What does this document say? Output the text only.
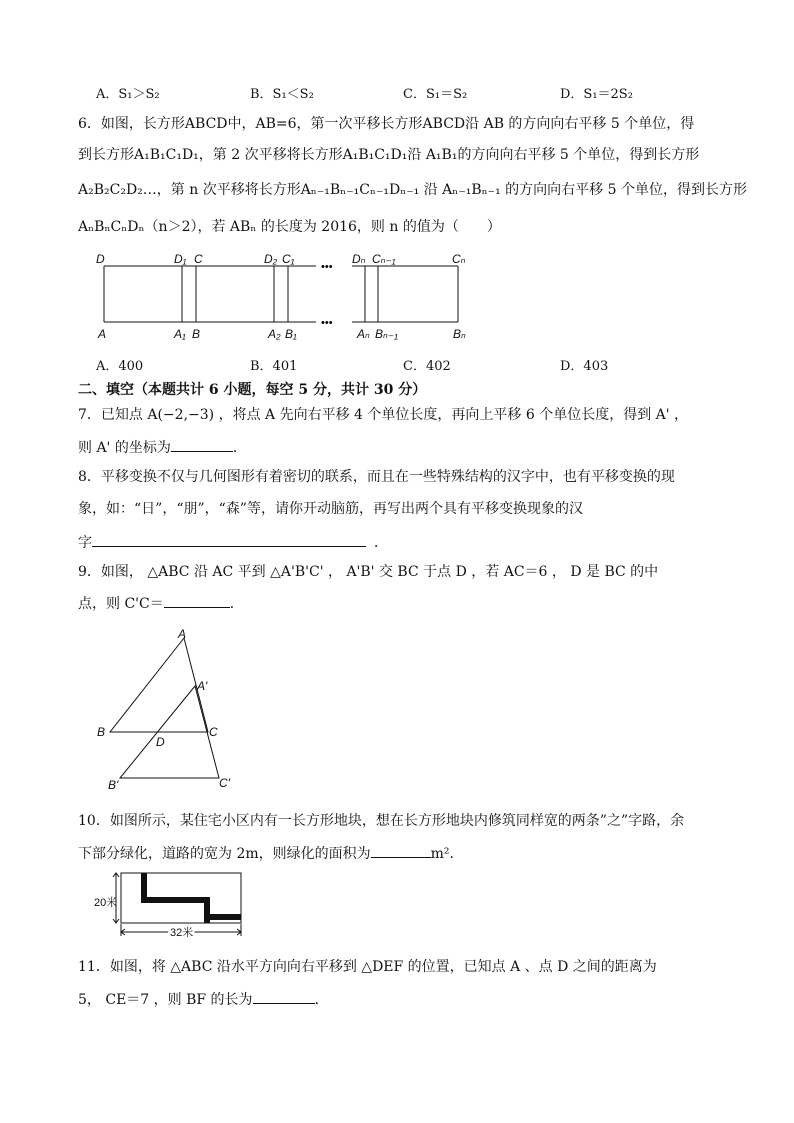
A．S₁＞S₂	B．S₁＜S₂	C．S₁＝S₂	D．S₁＝2S₂
6．如图，长方形ABCD中，AB=6，第一次平移长方形ABCD沿 AB 的方向向右平移 5 个单位，得
到长方形A₁B₁C₁D₁，第 2 次平移将长方形A₁B₁C₁D₁沿 A₁B₁的方向向右平移 5 个单位，得到长方形
A₂B₂C₂D₂…，第 n 次平移将长方形Aₙ₋₁Bₙ₋₁Cₙ₋₁Dₙ₋₁ 沿 Aₙ₋₁Bₙ₋₁ 的方向向右平移 5 个单位，得到长方形
AₙBₙCₙDₙ（n＞2），若 ABₙ 的长度为 2016，则 n 的值为（　　）
•••
•••
D	D₁ C	D₂ C₁	Dₙ Cₙ₋₁	Cₙ
A	A₁ B	A₂ B₁	Aₙ Bₙ₋₁	Bₙ
A．400	B．401	C．402	D．403
二、填空（本题共计 6 小题，每空 5 分，共计 30 分）
7．已知点 A(−2,−3) ，将点 A 先向右平移 4 个单位长度，再向上平移 6 个单位长度，得到 A' ，
则 A' 的坐标为	．
8．平移变换不仅与几何图形有着密切的联系，而且在一些特殊结构的汉字中，也有平移变换的现
象，如：“日”，“朋”，“森”等，请你开动脑筋，再写出两个具有平移变换现象的汉
字	．
9．如图， △ABC 沿 AC 平到 △A'B'C' ， A'B' 交 BC 于点 D ，若 AC＝6 ， D 是 BC 的中
点，则 C'C＝	．
A
A'
B	C
D
B'	C'
10．如图所示，某住宅小区内有一长方形地块，想在长方形地块内修筑同样宽的两条”之”字路，余
下部分绿化，道路的宽为 2m，则绿化的面积为	m²．
20米
32米
11．如图，将 △ABC 沿水平方向向右平移到 △DEF 的位置，已知点 A 、点 D 之间的距离为
5， CE＝7 ，则 BF 的长为	．
